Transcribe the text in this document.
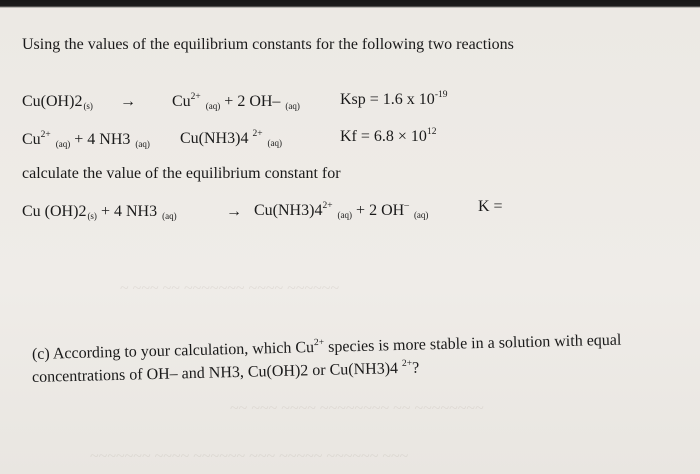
~ ~~~ ~~ ~~~~~~~ ~~~~ ~~~~~~
~~ ~~~ ~~~~ ~~~~~~~~ ~~ ~~~~~~~~
~~~~~~~ ~~~~ ~~~~~~ ~~~ ~~~~~ ~~~~~~ ~~~
Using the values of the equilibrium constants for the following two reactions
$Cu(OH)2_{(s)} \to Cu^{2+}$ $_{(aq)}$ + 2 OH– $_{(aq)}$	Ksp = 1.6 x $10^{-19}$
$Cu^{2+}$ $_{(aq)}$ + 4 NH3 $_{(aq)}$ Cu(NH3)4 $^{2+}$ $_{(aq)}$	$Kf = 6.8 \times 10^{12}$
calculate the value of the equilibrium constant for
Cu $(OH)2_{(s)} + 4$ NH3 $_{(aq)}$	→ $Cu(NH3)4^{2+}$ $_{(aq)}$ + 2 OH– $_{(aq)}$	K =
(c) According to your calculation, which $Cu^{2+}$ species is more stable in a solution with equal
concentrations of OH– and NH3, Cu(OH)2 or Cu(NH3)4 $^{2+}$?
